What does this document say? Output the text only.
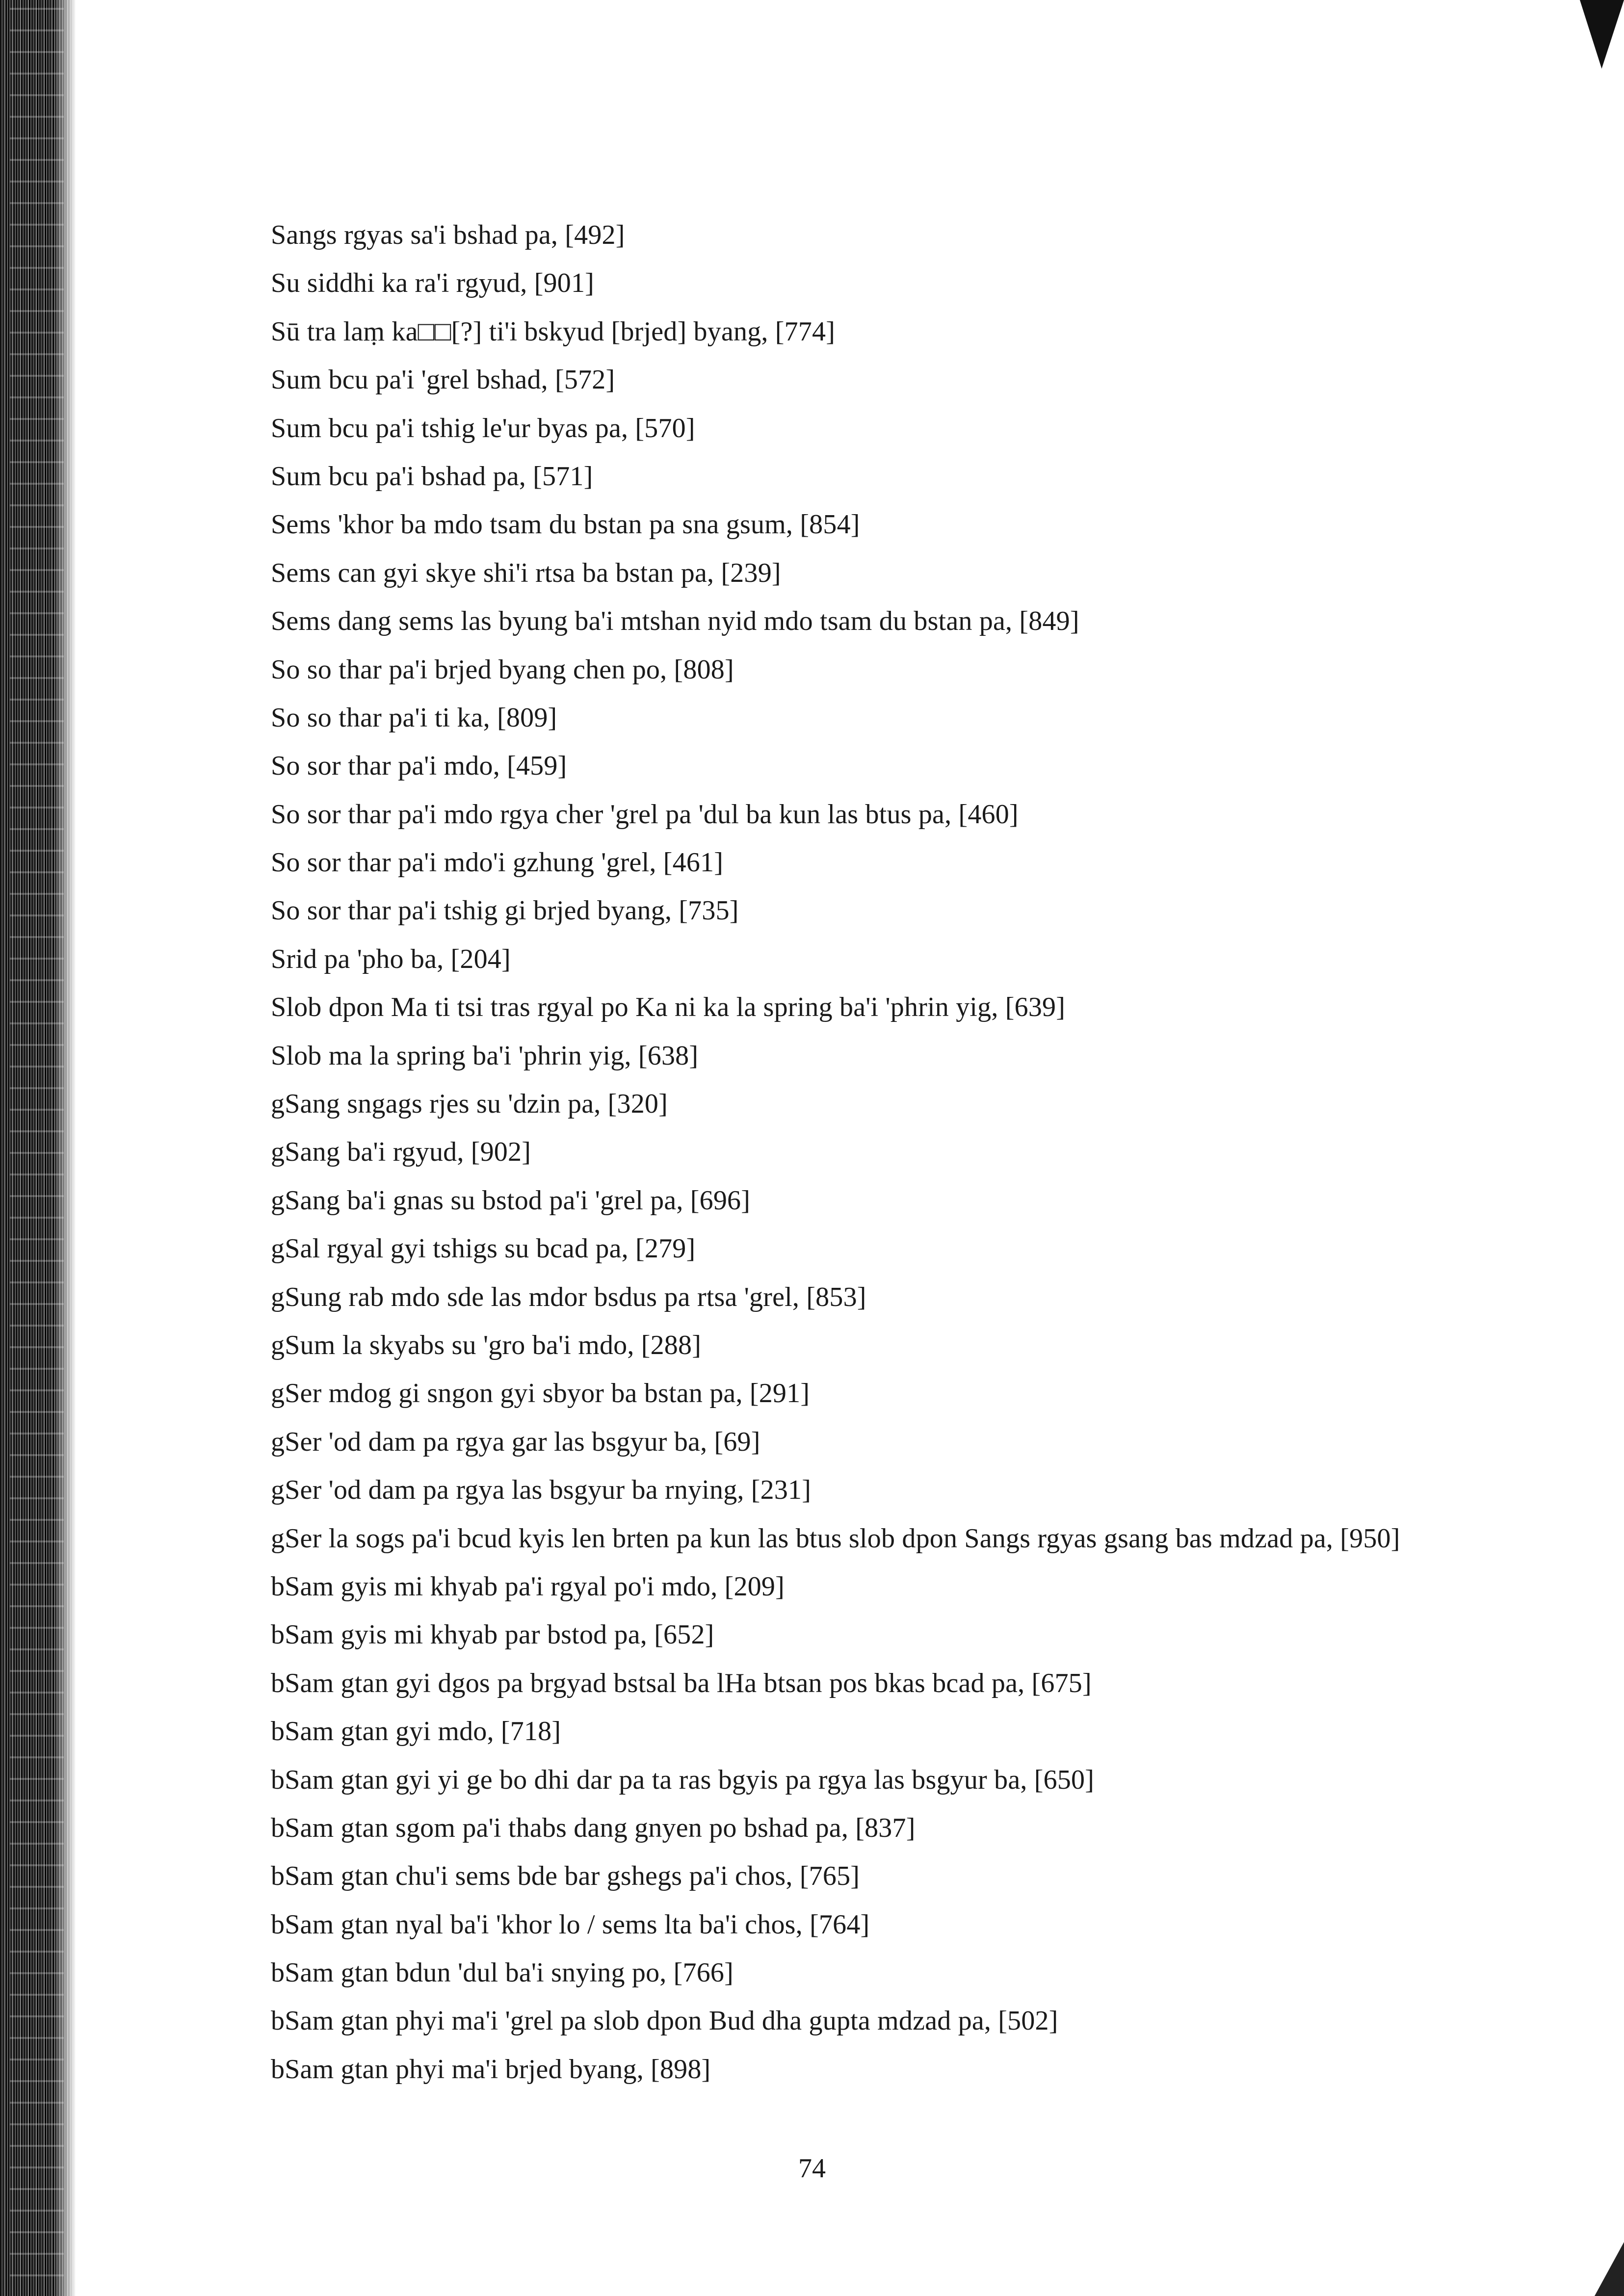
Sangs rgyas sa'i bshad pa, [492]
Su siddhi ka ra'i rgyud, [901]
Sū tra laṃ ka□□[?] ti'i bskyud [brjed] byang, [774]
Sum bcu pa'i 'grel bshad, [572]
Sum bcu pa'i tshig le'ur byas pa, [570]
Sum bcu pa'i bshad pa, [571]
Sems 'khor ba mdo tsam du bstan pa sna gsum, [854]
Sems can gyi skye shi'i rtsa ba bstan pa, [239]
Sems dang sems las byung ba'i mtshan nyid mdo tsam du bstan pa, [849]
So so thar pa'i brjed byang chen po, [808]
So so thar pa'i ti ka, [809]
So sor thar pa'i mdo, [459]
So sor thar pa'i mdo rgya cher 'grel pa 'dul ba kun las btus pa, [460]
So sor thar pa'i mdo'i gzhung 'grel, [461]
So sor thar pa'i tshig gi brjed byang, [735]
Srid pa 'pho ba, [204]
Slob dpon Ma ti tsi tras rgyal po Ka ni ka la spring ba'i 'phrin yig, [639]
Slob ma la spring ba'i 'phrin yig, [638]
gSang sngags rjes su 'dzin pa, [320]
gSang ba'i rgyud, [902]
gSang ba'i gnas su bstod pa'i 'grel pa, [696]
gSal rgyal gyi tshigs su bcad pa, [279]
gSung rab mdo sde las mdor bsdus pa rtsa 'grel, [853]
gSum la skyabs su 'gro ba'i mdo, [288]
gSer mdog gi sngon gyi sbyor ba bstan pa, [291]
gSer 'od dam pa rgya gar las bsgyur ba, [69]
gSer 'od dam pa rgya las bsgyur ba rnying, [231]
gSer la sogs pa'i bcud kyis len brten pa kun las btus slob dpon Sangs rgyas gsang bas mdzad pa, [950]
bSam gyis mi khyab pa'i rgyal po'i mdo, [209]
bSam gyis mi khyab par bstod pa, [652]
bSam gtan gyi dgos pa brgyad bstsal ba lHa btsan pos bkas bcad pa, [675]
bSam gtan gyi mdo, [718]
bSam gtan gyi yi ge bo dhi dar pa ta ras bgyis pa rgya las bsgyur ba, [650]
bSam gtan sgom pa'i thabs dang gnyen po bshad pa, [837]
bSam gtan chu'i sems bde bar gshegs pa'i chos, [765]
bSam gtan nyal ba'i 'khor lo / sems lta ba'i chos, [764]
bSam gtan bdun 'dul ba'i snying po, [766]
bSam gtan phyi ma'i 'grel pa slob dpon Bud dha gupta mdzad pa, [502]
bSam gtan phyi ma'i brjed byang, [898]
74
